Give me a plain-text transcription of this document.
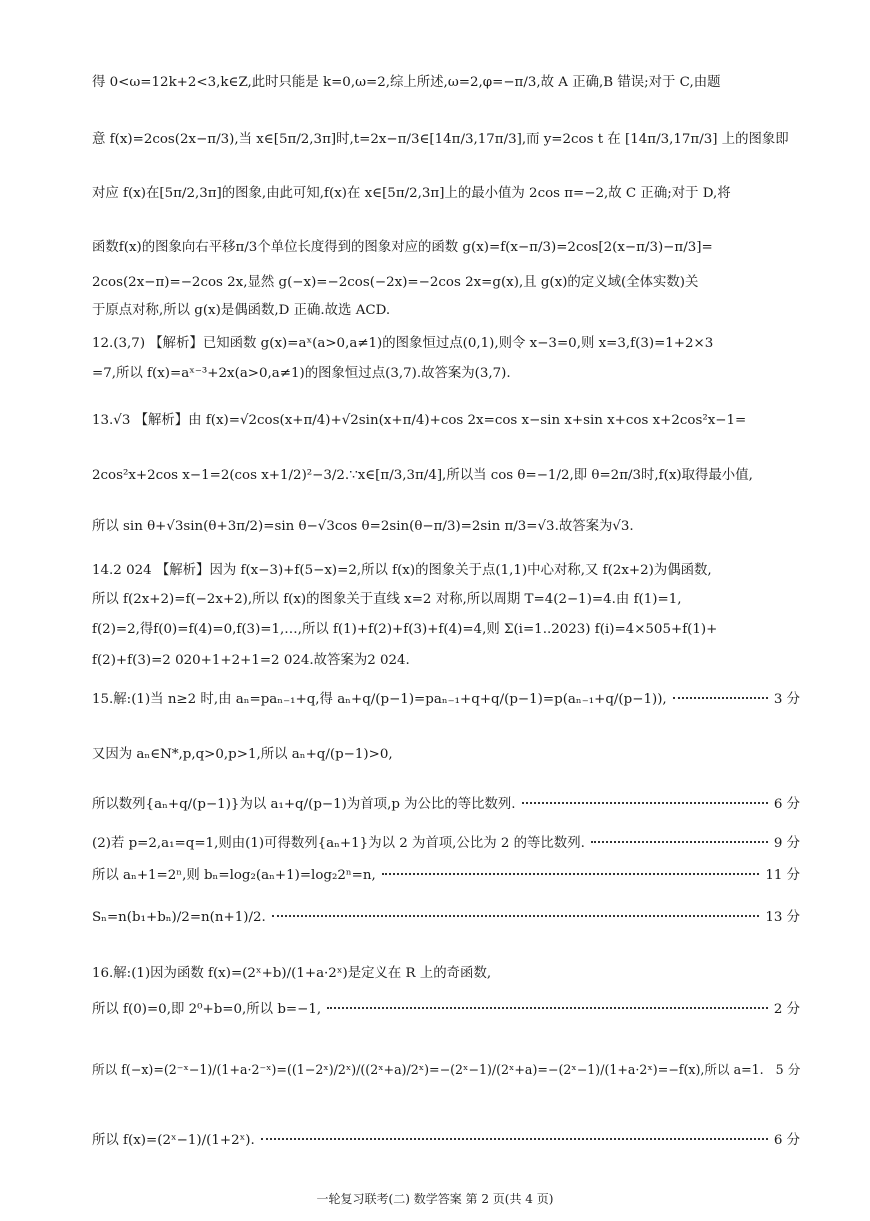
得 0<ω=12k+2<3,k∈Z,此时只能是 k=0,ω=2,综上所述,ω=2,φ=−π/3,故 A 正确,B 错误;对于 C,由题
意 f(x)=2cos(2x−π/3),当 x∈[5π/2,3π]时,t=2x−π/3∈[14π/3,17π/3],而 y=2cos t 在 [14π/3,17π/3] 上的图象即
对应 f(x)在[5π/2,3π]的图象,由此可知,f(x)在 x∈[5π/2,3π]上的最小值为 2cos π=−2,故 C 正确;对于 D,将
函数f(x)的图象向右平移π/3个单位长度得到的图象对应的函数 g(x)=f(x−π/3)=2cos[2(x−π/3)−π/3]=
2cos(2x−π)=−2cos 2x,显然 g(−x)=−2cos(−2x)=−2cos 2x=g(x),且 g(x)的定义域(全体实数)关
于原点对称,所以 g(x)是偶函数,D 正确.故选 ACD.
12.(3,7) 【解析】已知函数 g(x)=aˣ(a>0,a≠1)的图象恒过点(0,1),则令 x−3=0,则 x=3,f(3)=1+2×3
=7,所以 f(x)=aˣ⁻³+2x(a>0,a≠1)的图象恒过点(3,7).故答案为(3,7).
13.√3 【解析】由 f(x)=√2cos(x+π/4)+√2sin(x+π/4)+cos 2x=cos x−sin x+sin x+cos x+2cos²x−1=
2cos²x+2cos x−1=2(cos x+1/2)²−3/2.∵x∈[π/3,3π/4],所以当 cos θ=−1/2,即 θ=2π/3时,f(x)取得最小值,
所以 sin θ+√3sin(θ+3π/2)=sin θ−√3cos θ=2sin(θ−π/3)=2sin π/3=√3.故答案为√3.
14.2 024 【解析】因为 f(x−3)+f(5−x)=2,所以 f(x)的图象关于点(1,1)中心对称,又 f(2x+2)为偶函数,
所以 f(2x+2)=f(−2x+2),所以 f(x)的图象关于直线 x=2 对称,所以周期 T=4(2−1)=4.由 f(1)=1,
f(2)=2,得f(0)=f(4)=0,f(3)=1,…,所以 f(1)+f(2)+f(3)+f(4)=4,则 Σ(i=1..2023) f(i)=4×505+f(1)+
f(2)+f(3)=2 020+1+2+1=2 024.故答案为2 024.
又因为 aₙ∈N*,p,q>0,p>1,所以 aₙ+q/(p−1)>0,
16.解:(1)因为函数 f(x)=(2ˣ+b)/(1+a·2ˣ)是定义在 R 上的奇函数,
15.解:(1)当 n≥2 时,由 aₙ=paₙ₋₁+q,得 aₙ+q/(p−1)=paₙ₋₁+q+q/(p−1)=p(aₙ₋₁+q/(p−1)),	3 分
所以数列{aₙ+q/(p−1)}为以 a₁+q/(p−1)为首项,p 为公比的等比数列.	6 分
(2)若 p=2,a₁=q=1,则由(1)可得数列{aₙ+1}为以 2 为首项,公比为 2 的等比数列.	9 分
所以 aₙ+1=2ⁿ,则 bₙ=log₂(aₙ+1)=log₂2ⁿ=n,	11 分
Sₙ=n(b₁+bₙ)/2=n(n+1)/2.	13 分
所以 f(0)=0,即 2⁰+b=0,所以 b=−1,	2 分
所以 f(−x)=(2⁻ˣ−1)/(1+a·2⁻ˣ)=((1−2ˣ)/2ˣ)/((2ˣ+a)/2ˣ)=−(2ˣ−1)/(2ˣ+a)=−(2ˣ−1)/(1+a·2ˣ)=−f(x),所以 a=1. 5 分
所以 f(x)=(2ˣ−1)/(1+2ˣ).	6 分
一轮复习联考(二) 数学答案 第 2 页(共 4 页)
